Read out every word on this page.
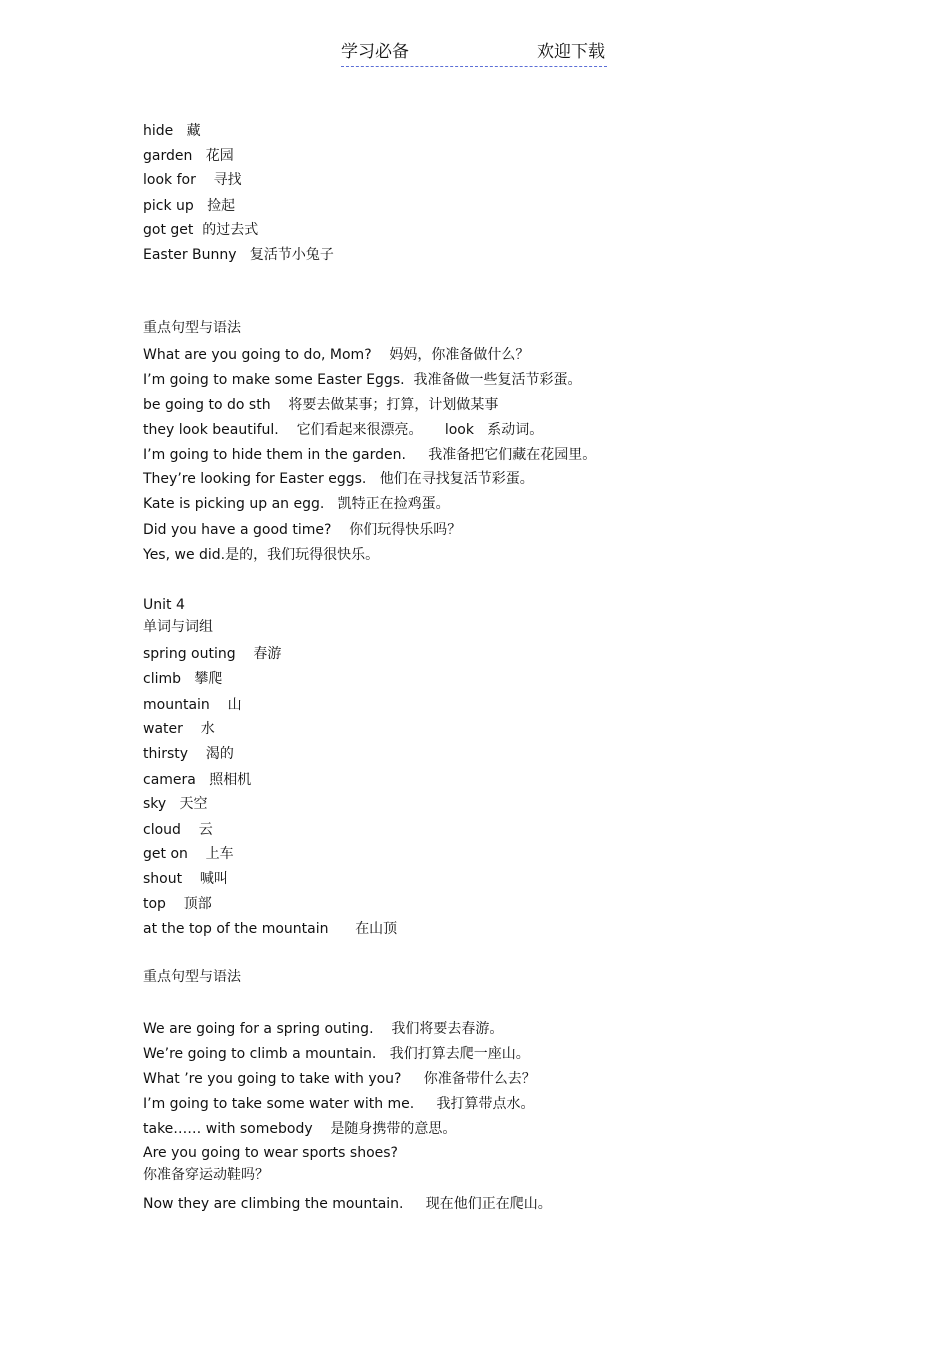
学习必备	欢迎下载
hide   藏
garden   花园
look for    寻找
pick up   捡起
got get  的过去式
Easter Bunny   复活节小兔子
重点句型与语法
What are you going to do, Mom?    妈妈，你准备做什么？
I’m going to make some Easter Eggs.  我准备做一些复活节彩蛋。
be going to do sth    将要去做某事；打算，计划做某事
they look beautiful.    它们看起来很漂亮。     look   系动词。
I’m going to hide them in the garden.     我准备把它们藏在花园里。
They’re looking for Easter eggs.   他们在寻找复活节彩蛋。
Kate is picking up an egg.   凯特正在捡鸡蛋。
Did you have a good time?    你们玩得快乐吗？
Yes, we did.是的，我们玩得很快乐。
Unit 4
单词与词组
spring outing    春游
climb   攀爬
mountain    山
water    水
thirsty    渴的
camera   照相机
sky   天空
cloud    云
get on    上车
shout    喊叫
top    顶部
at the top of the mountain      在山顶
重点句型与语法
We are going for a spring outing.    我们将要去春游。
We’re going to climb a mountain.   我们打算去爬一座山。
What ’re you going to take with you?     你准备带什么去？
I’m going to take some water with me.     我打算带点水。
take…… with somebody    是随身携带的意思。
Are you going to wear sports shoes?
你准备穿运动鞋吗？
Now they are climbing the mountain.     现在他们正在爬山。
